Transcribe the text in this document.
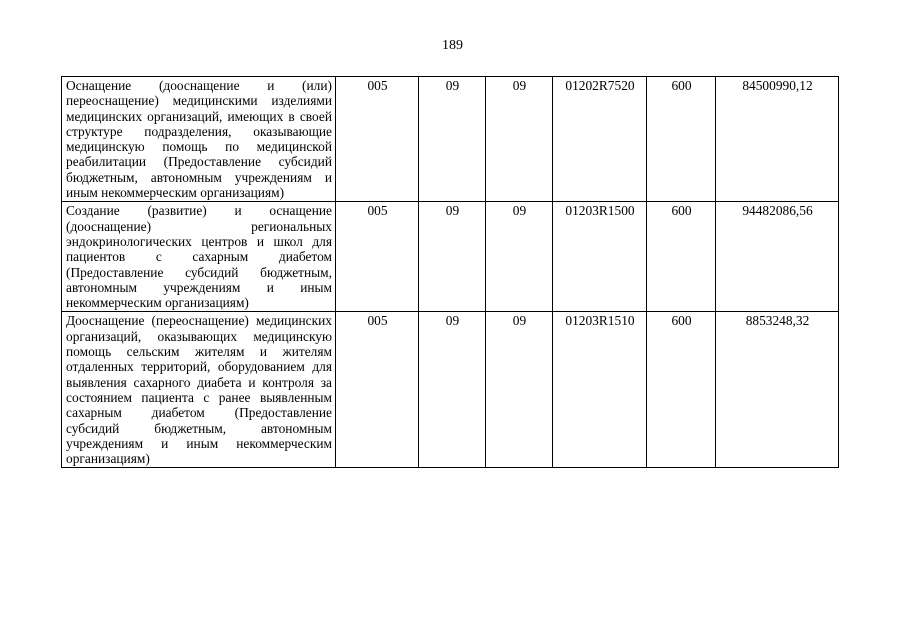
189
Оснащение (дооснащение и (или) переоснащение) медицинскими изделиями медицинских организаций, имеющих в своей структуре подразделения, оказывающие медицинскую помощь по медицинской реабилитации (Предоставление субсидий бюджетным, автономным учреждениям и иным некоммерческим организациям)	005	09	09	01202R7520	600	84500990,12
Создание (развитие) и оснащение (дооснащение) региональных эндокринологических центров и школ для пациентов с сахарным диабетом (Предоставление субсидий бюджетным, автономным учреждениям и иным некоммерческим организациям)	005	09	09	01203R1500	600	94482086,56
Дооснащение (переоснащение) медицинских организаций, оказывающих медицинскую помощь сельским жителям и жителям отдаленных территорий, оборудованием для выявления сахарного диабета и контроля за состоянием пациента с ранее выявленным сахарным диабетом (Предоставление субсидий бюджетным, автономным учреждениям и иным некоммерческим организациям)	005	09	09	01203R1510	600	8853248,32
